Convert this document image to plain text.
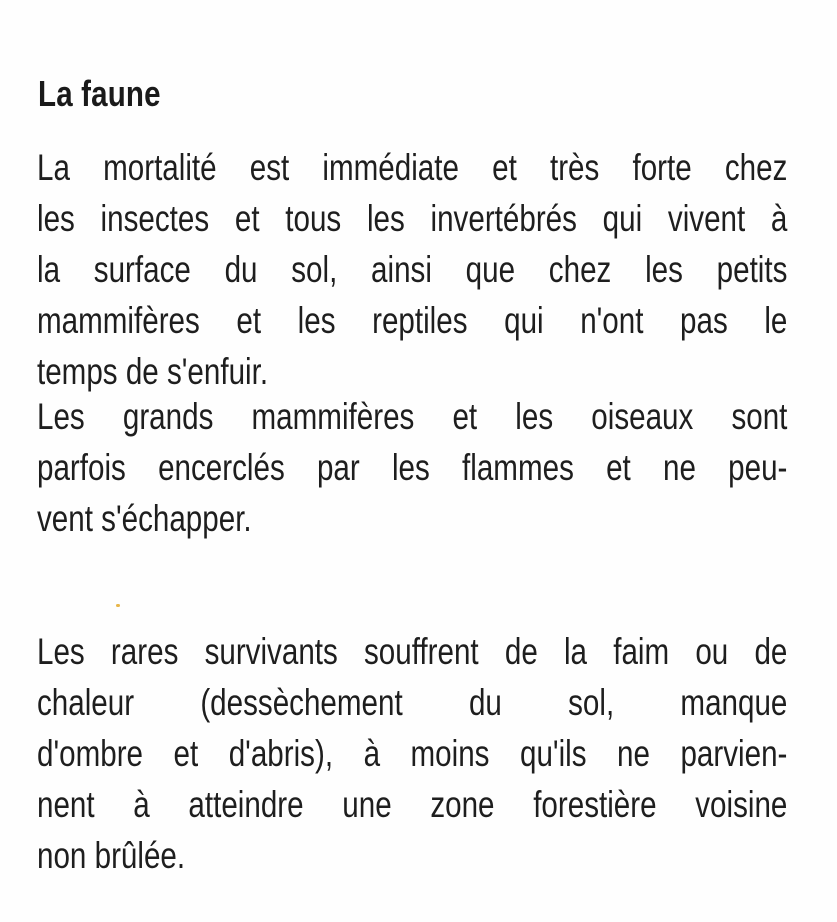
La faune
La mortalité est immédiate et très forte chez
les insectes et tous les invertébrés qui vivent à
la surface du sol, ainsi que chez les petits
mammifères et les reptiles qui n'ont pas le
temps de s'enfuir.
Les grands mammifères et les oiseaux sont
parfois encerclés par les flammes et ne peu-
vent s'échapper.
Les rares survivants souffrent de la faim ou de
chaleur (dessèchement du sol, manque
d'ombre et d'abris), à moins qu'ils ne parvien-
nent à atteindre une zone forestière voisine
non brûlée.
